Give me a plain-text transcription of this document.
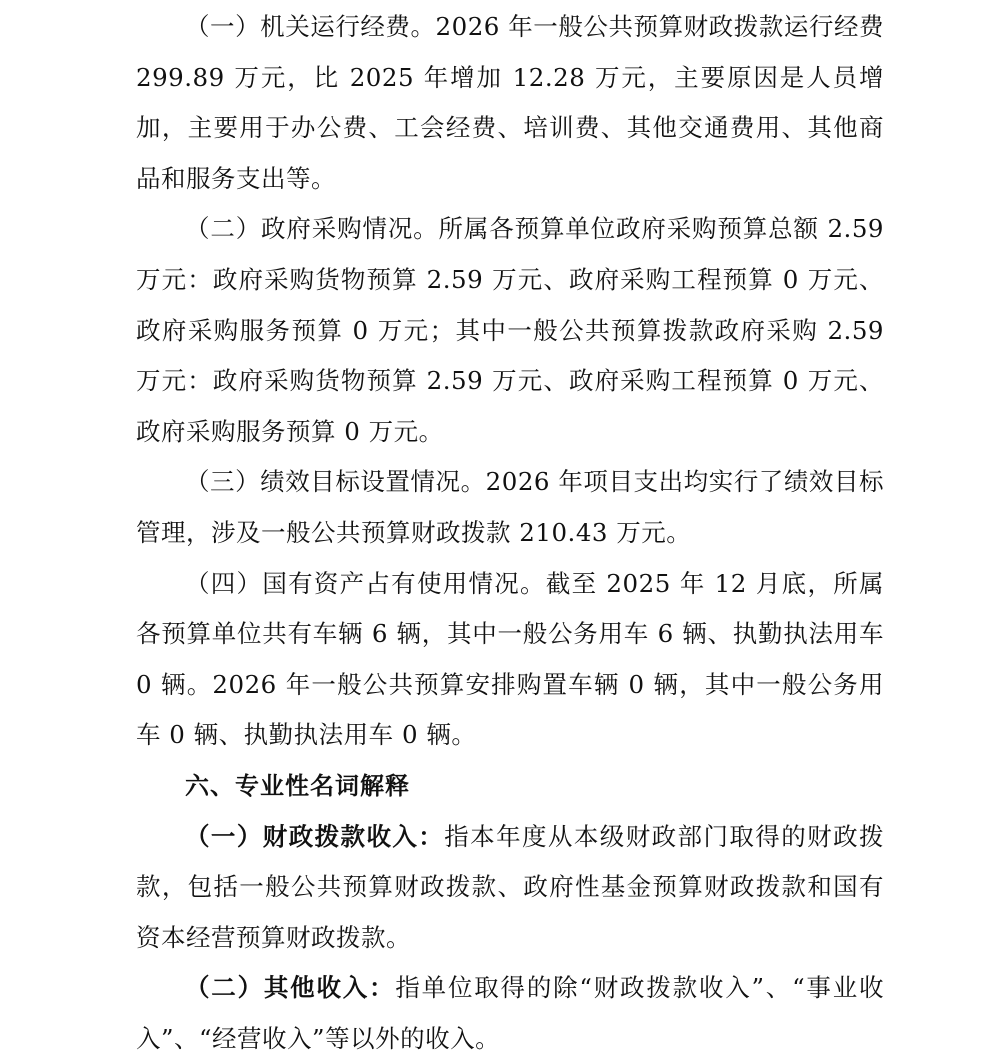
（一）机关运行经费。2026 年一般公共预算财政拨款运行经费 299.89 万元，比 2025 年增加 12.28 万元，主要原因是人员增加，主要用于办公费、工会经费、培训费、其他交通费用、其他商品和服务支出等。

（二）政府采购情况。所属各预算单位政府采购预算总额 2.59 万元：政府采购货物预算 2.59 万元、政府采购工程预算 0 万元、政府采购服务预算 0 万元；其中一般公共预算拨款政府采购 2.59 万元：政府采购货物预算 2.59 万元、政府采购工程预算 0 万元、政府采购服务预算 0 万元。

（三）绩效目标设置情况。2026 年项目支出均实行了绩效目标管理，涉及一般公共预算财政拨款 210.43 万元。

（四）国有资产占有使用情况。截至 2025 年 12 月底，所属各预算单位共有车辆 6 辆，其中一般公务用车 6 辆、执勤执法用车 0 辆。2026 年一般公共预算安排购置车辆 0 辆，其中一般公务用车 0 辆、执勤执法用车 0 辆。

六、专业性名词解释

（一）财政拨款收入：指本年度从本级财政部门取得的财政拨款，包括一般公共预算财政拨款、政府性基金预算财政拨款和国有资本经营预算财政拨款。

（二）其他收入：指单位取得的除“财政拨款收入”、“事业收入”、“经营收入”等以外的收入。
